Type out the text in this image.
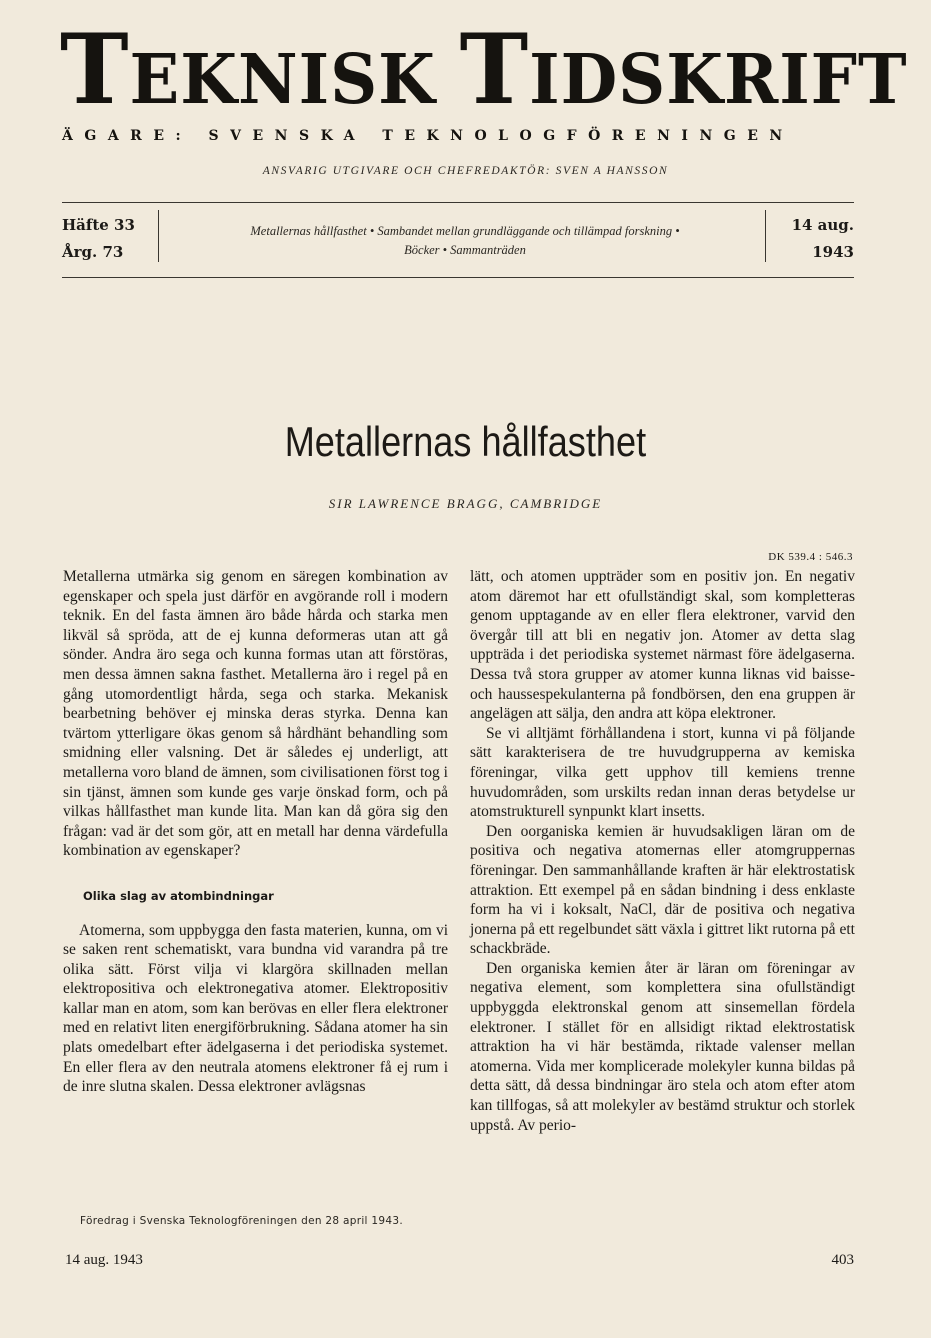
TEKNISK TIDSKRIFT
ÄGARE: SVENSKA TEKNOLOGFÖRENINGEN
ANSVARIG UTGIVARE OCH CHEFREDAKTÖR: SVEN A HANSSON
Häfte 33
Årg. 73
Metallernas hållfasthet • Sambandet mellan grundläggande och tillämpad forskning •
Böcker • Sammanträden
14 aug.
1943
Metallernas hållfasthet
SIR LAWRENCE BRAGG, CAMBRIDGE
DK 539.4 : 546.3

Metallerna utmärka sig genom en säregen kombination av egenskaper och spela just därför en avgörande roll i modern teknik. En del fasta ämnen äro både hårda och starka men likväl så spröda, att de ej kunna deformeras utan att gå sönder. Andra äro sega och kunna formas utan att förstöras, men dessa ämnen sakna fasthet. Metallerna äro i regel på en gång utomordentligt hårda, sega och starka. Mekanisk bearbetning behöver ej minska deras styrka. Denna kan tvärtom ytterligare ökas genom så hårdhänt behandling som smidning eller valsning. Det är således ej underligt, att metallerna voro bland de ämnen, som civilisationen först tog i sin tjänst, ämnen som kunde ges varje önskad form, och på vilkas hållfasthet man kunde lita. Man kan då göra sig den frågan: vad är det som gör, att en metall har denna värdefulla kombination av egenskaper?

Olika slag av atombindningar

Atomerna, som uppbygga den fasta materien, kunna, om vi se saken rent schematiskt, vara bundna vid varandra på tre olika sätt. Först vilja vi klargöra skillnaden mellan elektropositiva och elektronegativa atomer. Elektropositiv kallar man en atom, som kan berövas en eller flera elektroner med en relativt liten energiförbrukning. Sådana atomer ha sin plats omedelbart efter ädelgaserna i det periodiska systemet. En eller flera av den neutrala atomens elektroner få ej rum i de inre slutna skalen. Dessa elektroner avlägsnas

lätt, och atomen uppträder som en positiv jon. En negativ atom däremot har ett ofullständigt skal, som kompletteras genom upptagande av en eller flera elektroner, varvid den övergår till att bli en negativ jon. Atomer av detta slag uppträda i det periodiska systemet närmast före ädelgaserna. Dessa två stora grupper av atomer kunna liknas vid baisse- och haussespekulanterna på fondbörsen, den ena gruppen är angelägen att sälja, den andra att köpa elektroner.

Se vi alltjämt förhållandena i stort, kunna vi på följande sätt karakterisera de tre huvudgrupperna av kemiska föreningar, vilka gett upphov till kemiens trenne huvudområden, som urskilts redan innan deras betydelse ur atomstrukturell synpunkt klart insetts.

Den oorganiska kemien är huvudsakligen läran om de positiva och negativa atomernas eller atomgruppernas föreningar. Den sammanhållande kraften är här elektrostatisk attraktion. Ett exempel på en sådan bindning i dess enklaste form ha vi i koksalt, NaCl, där de positiva och negativa jonerna på ett regelbundet sätt växla i gittret likt rutorna på ett schackbräde.

Den organiska kemien åter är läran om föreningar av negativa element, som komplettera sina ofullständigt uppbyggda elektronskal genom att sinsemellan fördela elektroner. I stället för en allsidigt riktad elektrostatisk attraktion ha vi här bestämda, riktade valenser mellan atomerna. Vida mer komplicerade molekyler kunna bildas på detta sätt, då dessa bindningar äro stela och atom efter atom kan tillfogas, så att molekyler av bestämd struktur och storlek uppstå. Av perio-

Föredrag i Svenska Teknologföreningen den 28 april 1943.
14 aug. 1943	403
